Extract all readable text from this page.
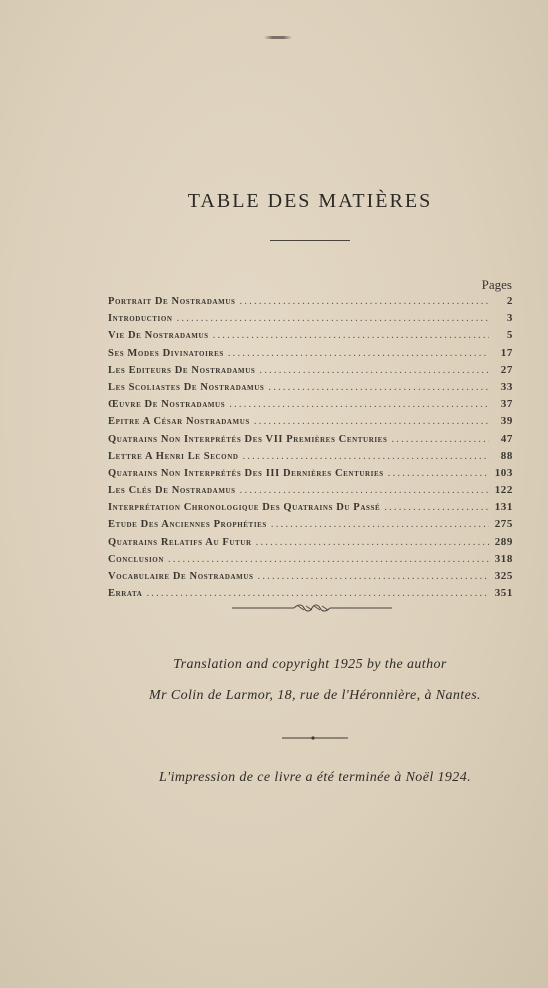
TABLE DES MATIÈRES
Pages
Portrait De Nostradamus .....	2
Introduction .....	3
Vie De Nostradamus .....	5
Ses Modes Divinatoires .....	17
Les Editeurs De Nostradamus .....	27
Les Scoliastes De Nostradamus .....	33
Œuvre De Nostradamus .....	37
Epitre A César Nostradamus .....	39
Quatrains Non Interprétés Des VII Premières Centuries .....	47
Lettre A Henri Le Second .....	88
Quatrains Non Interprétés Des III Dernières Centuries .....	103
Les Clés De Nostradamus .....	122
Interprétation Chronologique Des Quatrains Du Passé .....	131
Etude Des Anciennes Prophéties .....	275
Quatrains Relatifs Au Futur .....	289
Conclusion .....	318
Vocabulaire De Nostradamus .....	325
Errata .....	351
Translation and copyright 1925 by the author
Mr Colin de Larmor, 18, rue de l'Héronnière, à Nantes.
L'impression de ce livre a été terminée à Noël 1924.
